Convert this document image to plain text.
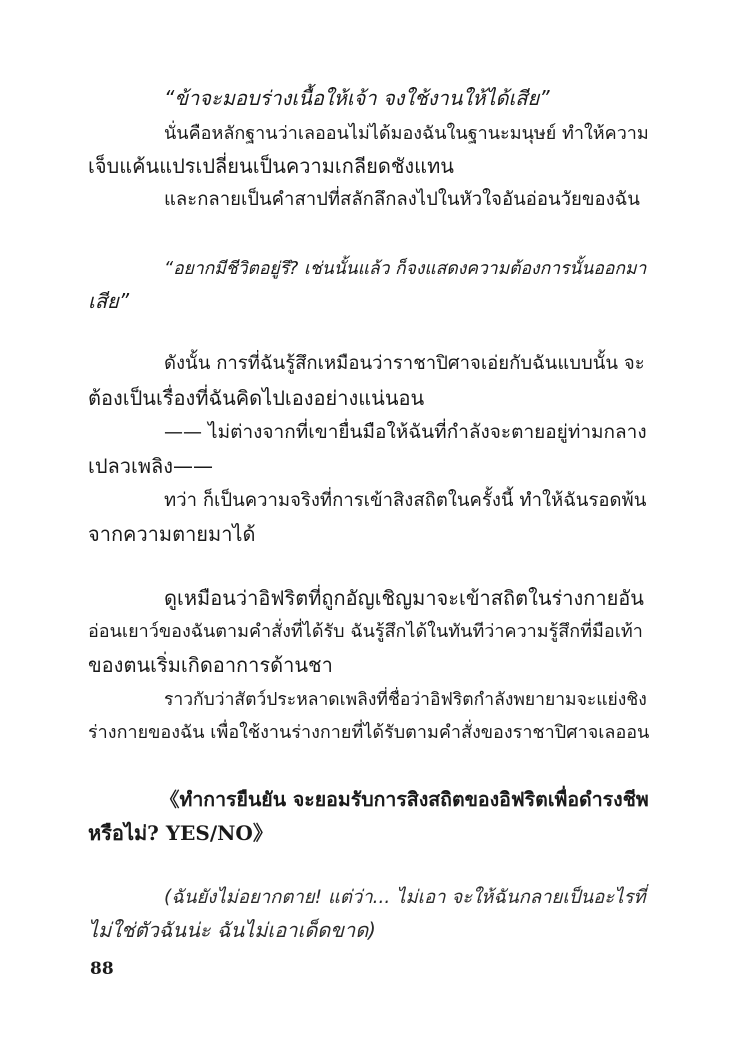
“ข้าจะมอบร่างเนื้อให้เจ้า จงใช้งานให้ได้เสีย”
นั่นคือหลักฐานว่าเลออนไม่ได้มองฉันในฐานะมนุษย์ ทำให้ความ
เจ็บแค้นแปรเปลี่ยนเป็นความเกลียดชังแทน
และกลายเป็นคำสาปที่สลักลึกลงไปในหัวใจอันอ่อนวัยของฉัน
“อยากมีชีวิตอยู่รึ? เช่นนั้นแล้ว ก็จงแสดงความต้องการนั้นออกมา
เสีย”
ดังนั้น การที่ฉันรู้สึกเหมือนว่าราชาปิศาจเอ่ยกับฉันแบบนั้น จะ
ต้องเป็นเรื่องที่ฉันคิดไปเองอย่างแน่นอน
—— ไม่ต่างจากที่เขายื่นมือให้ฉันที่กำลังจะตายอยู่ท่ามกลาง
เปลวเพลิง——
ทว่า ก็เป็นความจริงที่การเข้าสิงสถิตในครั้งนี้ ทำให้ฉันรอดพ้น
จากความตายมาได้
ดูเหมือนว่าอิฟริตที่ถูกอัญเชิญมาจะเข้าสถิตในร่างกายอัน
อ่อนเยาว์ของฉันตามคำสั่งที่ได้รับ ฉันรู้สึกได้ในทันทีว่าความรู้สึกที่มือเท้า
ของตนเริ่มเกิดอาการด้านชา
ราวกับว่าสัตว์ประหลาดเพลิงที่ชื่อว่าอิฟริตกำลังพยายามจะแย่งชิง
ร่างกายของฉัน เพื่อใช้งานร่างกายที่ได้รับตามคำสั่งของราชาปิศาจเลออน
《ทำการยืนยัน จะยอมรับการสิงสถิตของอิฟริตเพื่อดำรงชีพ
หรือไม่? YES/NO》
(ฉันยังไม่อยากตาย! แต่ว่า... ไม่เอา จะให้ฉันกลายเป็นอะไรที่
ไม่ใช่ตัวฉันน่ะ ฉันไม่เอาเด็ดขาด)
88
